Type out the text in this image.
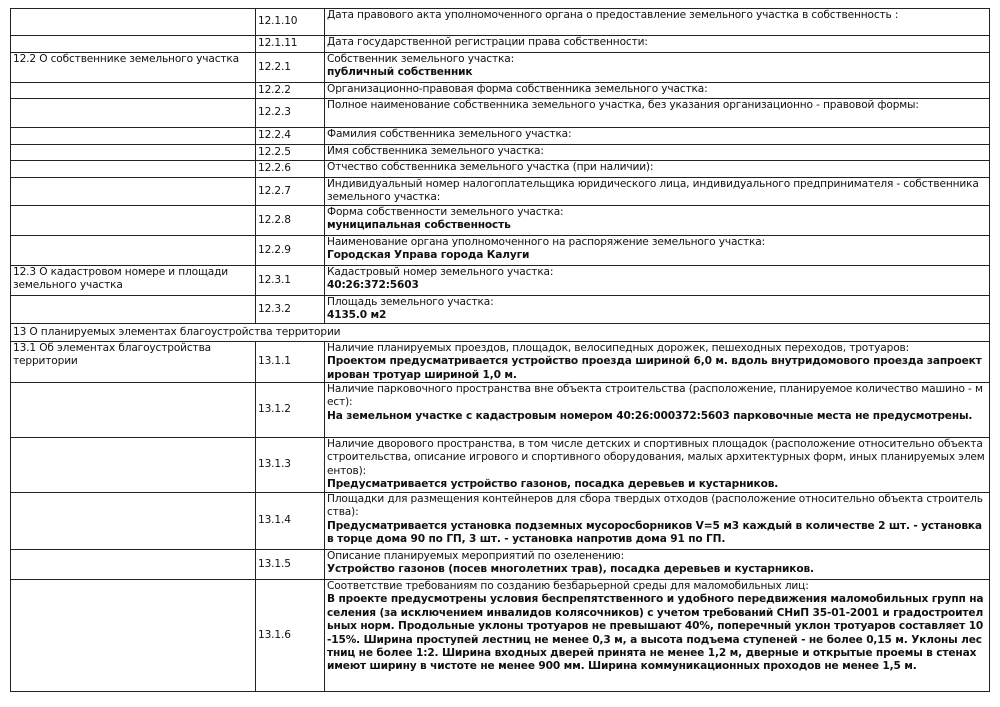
	12.1.10	Дата правового акта уполномоченного органа о предоставление земельного участка в собственность :
	12.1.11	Дата государственной регистрации права собственности:
12.2 О собственнике земельного участка	12.2.1	Собственник земельного участка:
публичный собственник

	12.2.2	Организационно-правовая форма собственника земельного участка:
	12.2.3	Полное наименование собственника земельного участка, без указания организационно - правовой формы:
	12.2.4	Фамилия собственника земельного участка:
	12.2.5	Имя собственника земельного участка:
	12.2.6	Отчество собственника земельного участка (при наличии):
	12.2.7	Индивидуальный номер налогоплательщика юридического лица, индивидуального предпринимателя - собственника земельного участка:
	12.2.8	Форма собственности земельного участка:
муниципальная собственность

	12.2.9	Наименование органа уполномоченного на распоряжение земельного участка:
Городская Управа города Калуги

12.3 О кадастровом номере и площади земельного участка	12.3.1	Кадастровый номер земельного участка:
40:26:372:5603

	12.3.2	Площадь земельного участка:
4135.0 м2

13 О планируемых элементах благоустройства территории		
13.1 Об элементах благоустройства территории	13.1.1	Наличие планируемых проездов, площадок, велосипедных дорожек, пешеходных переходов, тротуаров:
Проектом предусматривается устройство проезда шириной 6,0 м. вдоль внутридомового проезда запроектирован тротуар шириной 1,0 м.

	13.1.2	Наличие парковочного пространства вне объекта строительства (расположение, планируемое количество машино - мест):
На земельном участке с кадастровым номером 40:26:000372:5603 парковочные места не предусмотрены.

	13.1.3	Наличие дворового пространства, в том числе детских и спортивных площадок (расположение относительно объекта строительства, описание игрового и спортивного оборудования, малых архитектурных форм, иных планируемых элементов):
Предусматривается устройство газонов, посадка деревьев и кустарников.

	13.1.4	Площадки для размещения контейнеров для сбора твердых отходов (расположение относительно объекта строительства):
Предусматривается установка подземных мусоросборников V=5 м3 каждый в количестве 2 шт. - установка в торце дома 90 по ГП, 3 шт. - установка напротив дома 91 по ГП.

	13.1.5	Описание планируемых мероприятий по озеленению:
Устройство газонов (посев многолетних трав), посадка деревьев и кустарников.

	13.1.6	Соответствие требованиям по созданию безбарьерной среды для маломобильных лиц:
В проекте предусмотрены условия беспрепятственного и удобного передвижения маломобильных групп населения (за исключением инвалидов колясочников) с учетом требований СНиП 35-01-2001 и градостроительных норм. Продольные уклоны тротуаров не превышают 40%, поперечный уклон тротуаров составляет 10-15%. Ширина проступей лестниц не менее 0,3 м, а высота подъема ступеней - не более 0,15 м. Уклоны лестниц не более 1:2. Ширина входных дверей принята не менее 1,2 м, дверные и открытые проемы в стенах имеют ширину в чистоте не менее 900 мм. Ширина коммуникационных проходов не менее 1,5 м.
